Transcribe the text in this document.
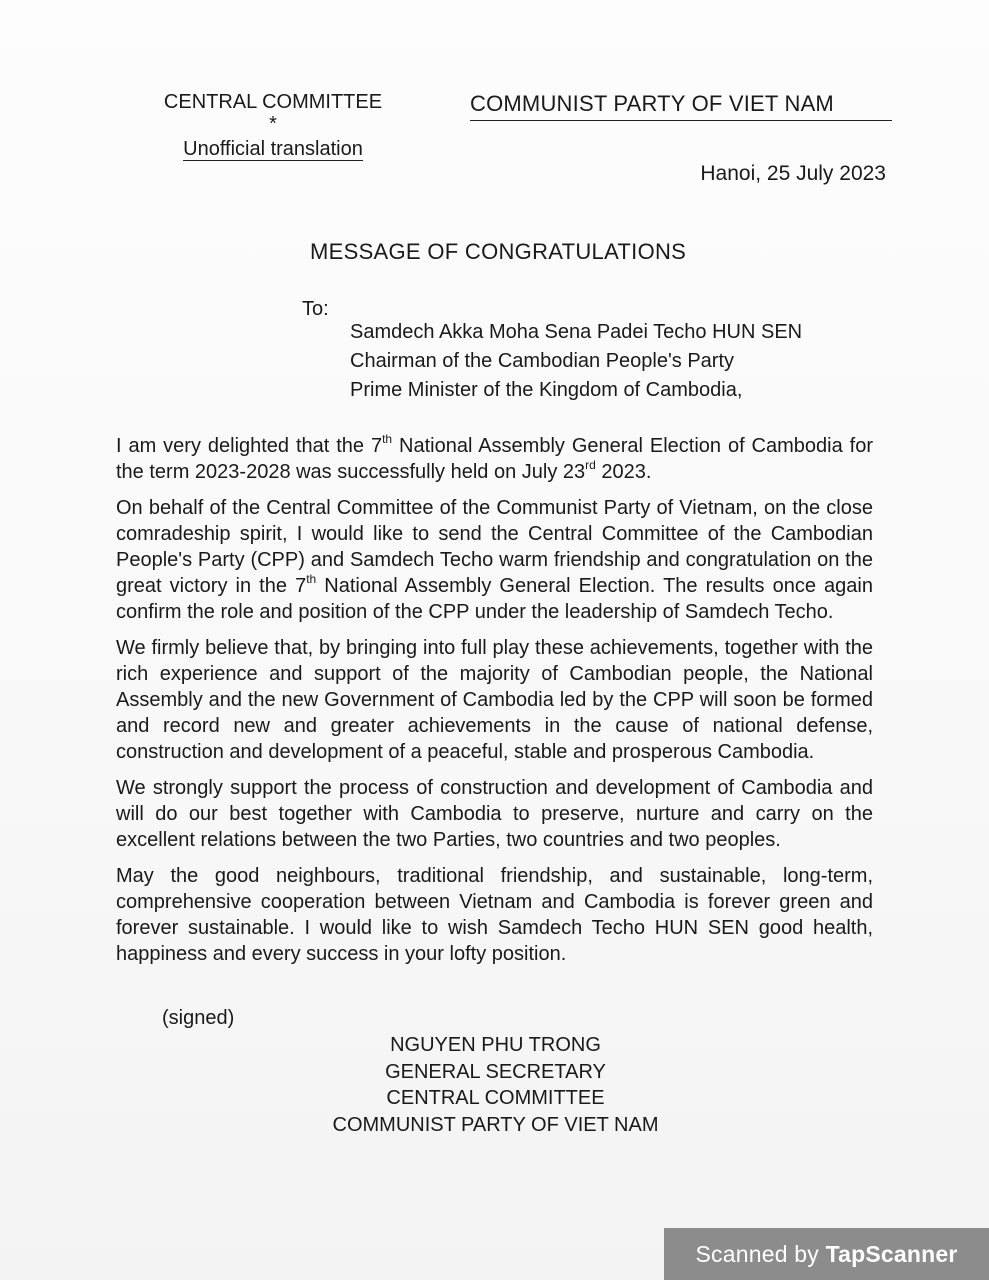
CENTRAL COMMITTEE
*
Unofficial translation
COMMUNIST PARTY OF VIET NAM
Hanoi, 25 July 2023
MESSAGE OF CONGRATULATIONS
To:
Samdech Akka Moha Sena Padei Techo HUN SEN
Chairman of the Cambodian People's Party
Prime Minister of the Kingdom of Cambodia,

I am very delighted that the 7th National Assembly General Election of Cambodia for the term 2023-2028 was successfully held on July 23rd 2023.

On behalf of the Central Committee of the Communist Party of Vietnam, on the close comradeship spirit, I would like to send the Central Committee of the Cambodian People's Party (CPP) and Samdech Techo warm friendship and congratulation on the great victory in the 7th National Assembly General Election. The results once again confirm the role and position of the CPP under the leadership of Samdech Techo.

We firmly believe that, by bringing into full play these achievements, together with the rich experience and support of the majority of Cambodian people, the National Assembly and the new Government of Cambodia led by the CPP will soon be formed and record new and greater achievements in the cause of national defense, construction and development of a peaceful, stable and prosperous Cambodia.

We strongly support the process of construction and development of Cambodia and will do our best together with Cambodia to preserve, nurture and carry on the excellent relations between the two Parties, two countries and two peoples.

May the good neighbours, traditional friendship, and sustainable, long-term, comprehensive cooperation between Vietnam and Cambodia is forever green and forever sustainable. I would like to wish Samdech Techo HUN SEN good health, happiness and every success in your lofty position.

(signed)
NGUYEN PHU TRONG
GENERAL SECRETARY
CENTRAL COMMITTEE
COMMUNIST PARTY OF VIET NAM
Scanned by TapScanner
